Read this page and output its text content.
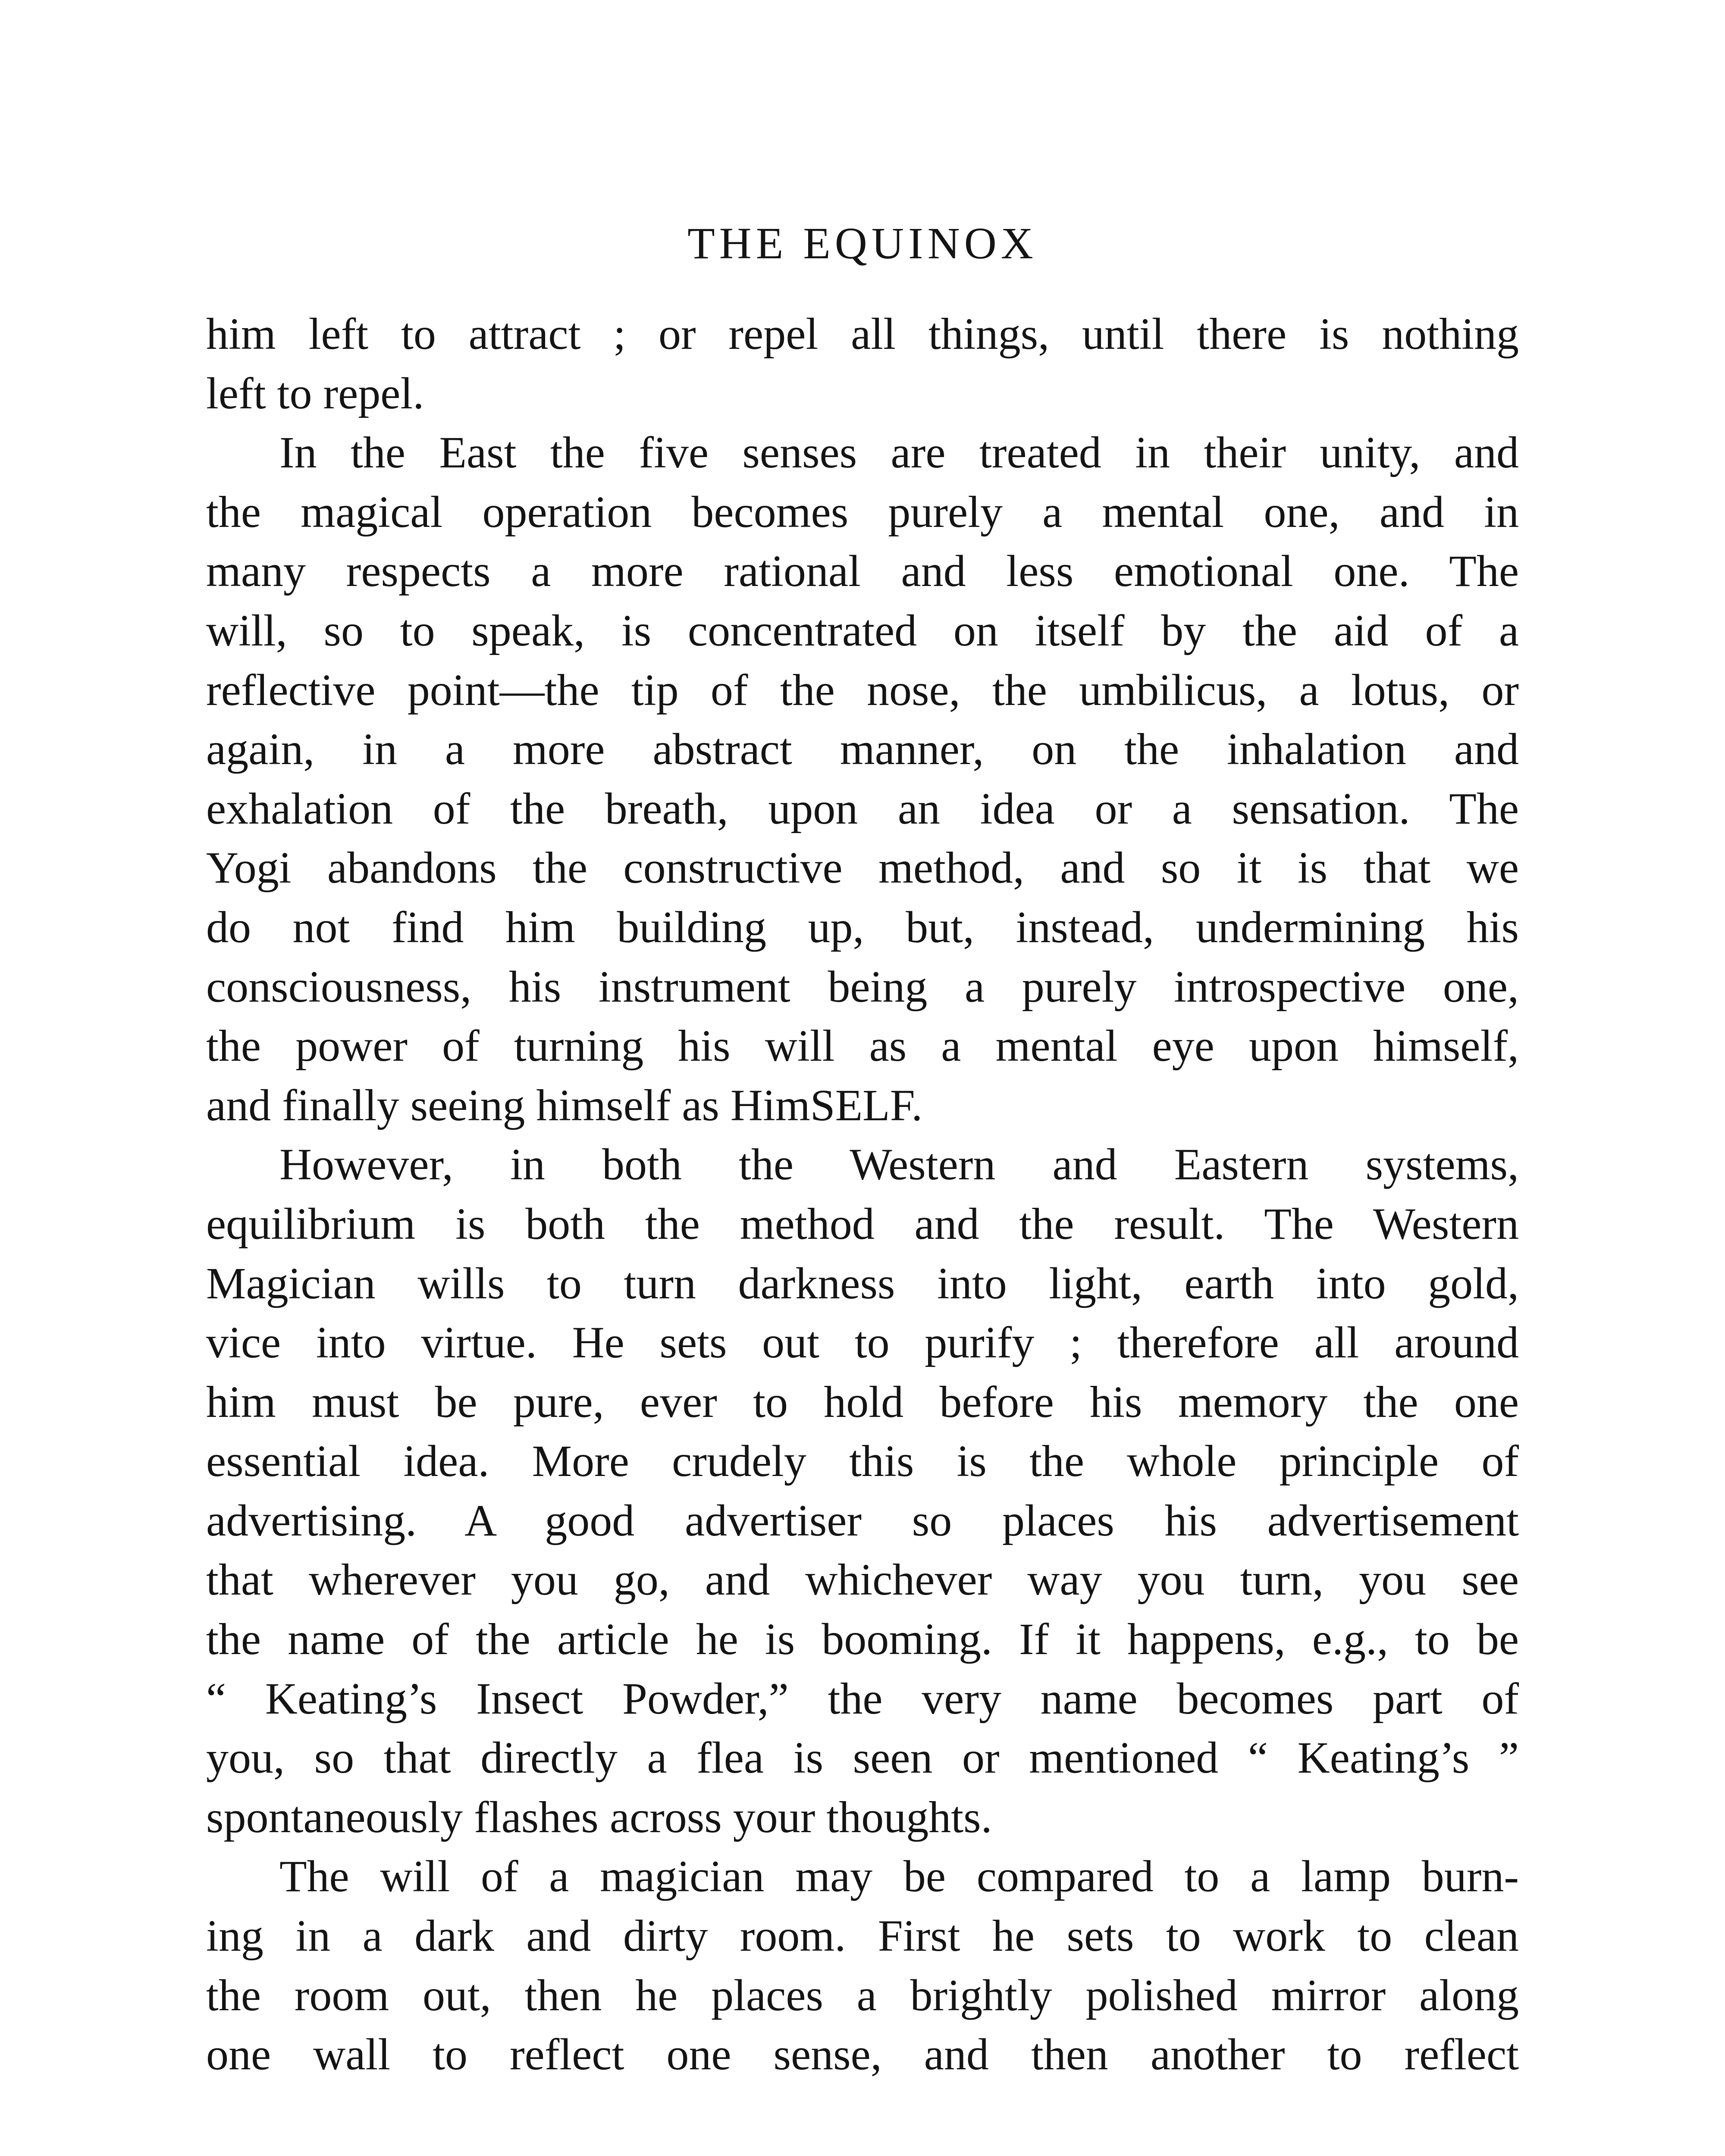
THE EQUINOX
him left to attract ; or repel all things, until there is nothing
left to repel.
In the East the five senses are treated in their unity, and
the magical operation becomes purely a mental one, and in
many respects a more rational and less emotional one. The
will, so to speak, is concentrated on itself by the aid of a
reflective point—the tip of the nose, the umbilicus, a lotus, or
again, in a more abstract manner, on the inhalation and
exhalation of the breath, upon an idea or a sensation. The
Yogi abandons the constructive method, and so it is that we
do not find him building up, but, instead, undermining his
consciousness, his instrument being a purely introspective one,
the power of turning his will as a mental eye upon himself,
and finally seeing himself as HimSELF.
However, in both the Western and Eastern systems,
equilibrium is both the method and the result. The Western
Magician wills to turn darkness into light, earth into gold,
vice into virtue. He sets out to purify ; therefore all around
him must be pure, ever to hold before his memory the one
essential idea. More crudely this is the whole principle of
advertising. A good advertiser so places his advertisement
that wherever you go, and whichever way you turn, you see
the name of the article he is booming. If it happens, e.g., to be
“ Keating’s Insect Powder,” the very name becomes part of
you, so that directly a flea is seen or mentioned “ Keating’s ”
spontaneously flashes across your thoughts.
The will of a magician may be compared to a lamp burn-
ing in a dark and dirty room. First he sets to work to clean
the room out, then he places a brightly polished mirror along
one wall to reflect one sense, and then another to reflect
